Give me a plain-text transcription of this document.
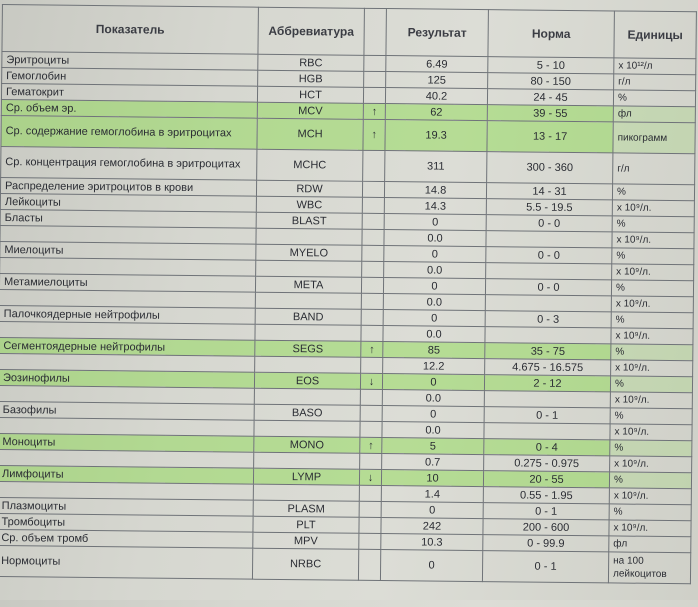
Показатель	Аббревиатура		Результат	Норма	Единицы
Эритроциты	RBC		6.49	5 - 10	x 10¹²/л
Гемоглобин	HGB		125	80 - 150	г/л
Гематокрит	HCT		40.2	24 - 45	%
Ср. объем эр.	MCV	↑	62	39 - 55	фл
Ср. содержание гемоглобина в эритроцитах	MCH	↑	19.3	13 - 17	пикограмм
Ср. концентрация гемоглобина в эритроцитах	MCHC		311	300 - 360	г/л
Распределение эритроцитов в крови	RDW		14.8	14 - 31	%
Лейкоциты	WBC		14.3	5.5 - 19.5	x 10⁹/л.
Бласты	BLAST		0	0 - 0	%
			0.0		x 10⁹/л.
Миелоциты	MYELO		0	0 - 0	%
			0.0		x 10⁹/л.
Метамиелоциты	META		0	0 - 0	%
			0.0		x 10⁹/л.
Палочкоядерные нейтрофилы	BAND		0	0 - 3	%
			0.0		x 10⁹/л.
Сегментоядерные нейтрофилы	SEGS	↑	85	35 - 75	%
			12.2	4.675 - 16.575	x 10⁹/л.
Эозинофилы	EOS	↓	0	2 - 12	%
			0.0		x 10⁹/л.
Базофилы	BASO		0	0 - 1	%
			0.0		x 10⁹/л.
Моноциты	MONO	↑	5	0 - 4	%
			0.7	0.275 - 0.975	x 10⁹/л.
Лимфоциты	LYMP	↓	10	20 - 55	%
			1.4	0.55 - 1.95	x 10⁹/л.
Плазмоциты	PLASM		0	0 - 1	%
Тромбоциты	PLT		242	200 - 600	x 10⁹/л.
Ср. объем тромб	MPV		10.3	0 - 99.9	фл
Нормоциты	NRBC		0	0 - 1	на 100 лейкоцитов
